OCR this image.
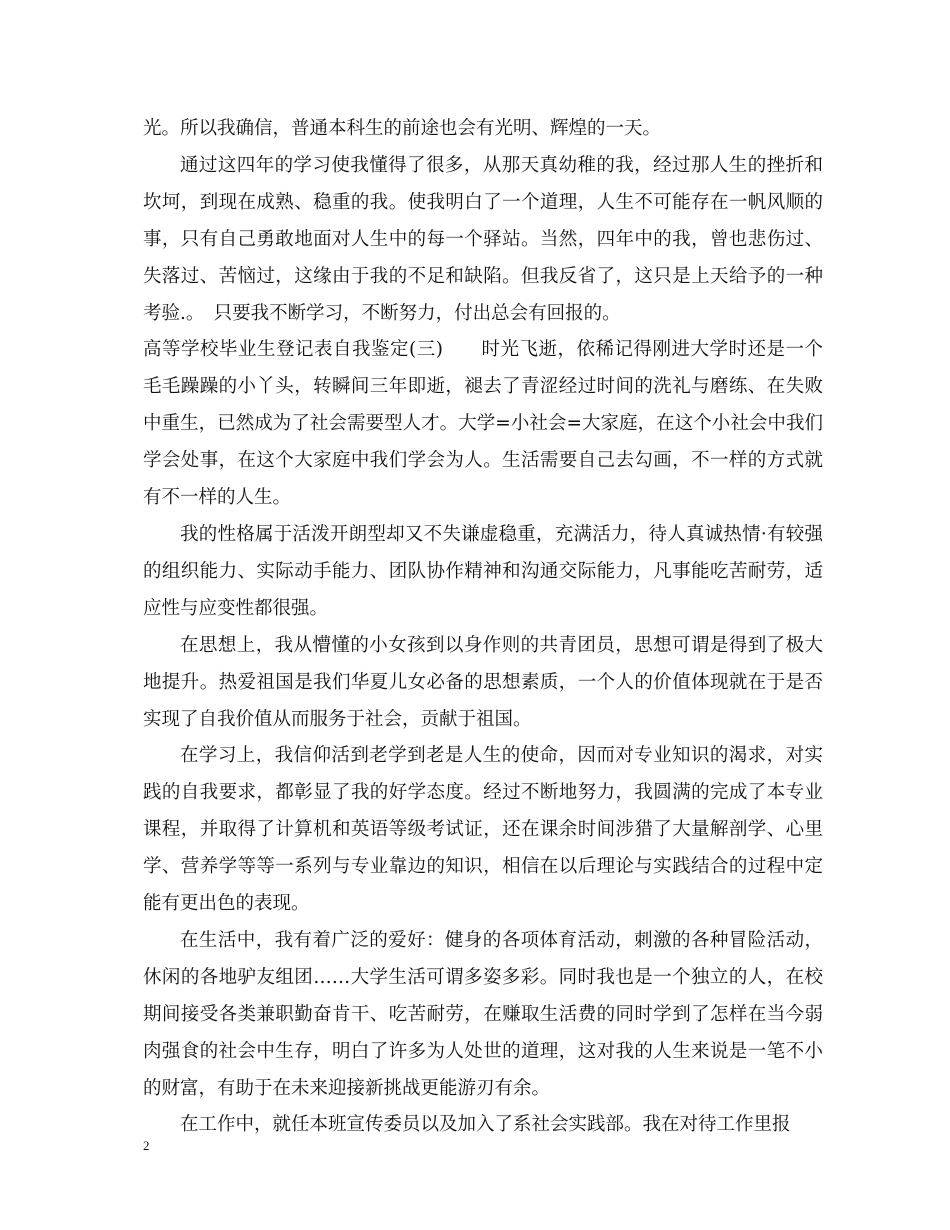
光。所以我确信，普通本科生的前途也会有光明、辉煌的一天。

通过这四年的学习使我懂得了很多，从那天真幼稚的我，经过那人生的挫折和坎坷，到现在成熟、稳重的我。使我明白了一个道理，人生不可能存在一帆风顺的事，只有自己勇敢地面对人生中的每一个驿站。当然，四年中的我，曾也悲伤过、失落过、苦恼过，这缘由于我的不足和缺陷。但我反省了，这只是上天给予的一种考验.。　只要我不断学习，不断努力，付出总会有回报的。

高等学校毕业生登记表自我鉴定(三)　　时光飞逝，依稀记得刚进大学时还是一个毛毛躁躁的小丫头，转瞬间三年即逝，褪去了青涩经过时间的洗礼与磨练、在失败中重生，已然成为了社会需要型人才。大学=小社会=大家庭，在这个小社会中我们学会处事，在这个大家庭中我们学会为人。生活需要自己去勾画，不一样的方式就有不一样的人生。

我的性格属于活泼开朗型却又不失谦虚稳重，充满活力，待人真诚热情·有较强的组织能力、实际动手能力、团队协作精神和沟通交际能力，凡事能吃苦耐劳，适应性与应变性都很强。

在思想上，我从懵懂的小女孩到以身作则的共青团员，思想可谓是得到了极大地提升。热爱祖国是我们华夏儿女必备的思想素质，一个人的价值体现就在于是否实现了自我价值从而服务于社会，贡献于祖国。

在学习上，我信仰活到老学到老是人生的使命，因而对专业知识的渴求，对实践的自我要求，都彰显了我的好学态度。经过不断地努力，我圆满的完成了本专业课程，并取得了计算机和英语等级考试证，还在课余时间涉猎了大量解剖学、心里学、营养学等等一系列与专业靠边的知识，相信在以后理论与实践结合的过程中定能有更出色的表现。

在生活中，我有着广泛的爱好：健身的各项体育活动，刺激的各种冒险活动，休闲的各地驴友组团……大学生活可谓多姿多彩。同时我也是一个独立的人，在校期间接受各类兼职勤奋肯干、吃苦耐劳，在赚取生活费的同时学到了怎样在当今弱肉强食的社会中生存，明白了许多为人处世的道理，这对我的人生来说是一笔不小的财富，有助于在未来迎接新挑战更能游刃有余。

在工作中，就任本班宣传委员以及加入了系社会实践部。我在对待工作里报

2
